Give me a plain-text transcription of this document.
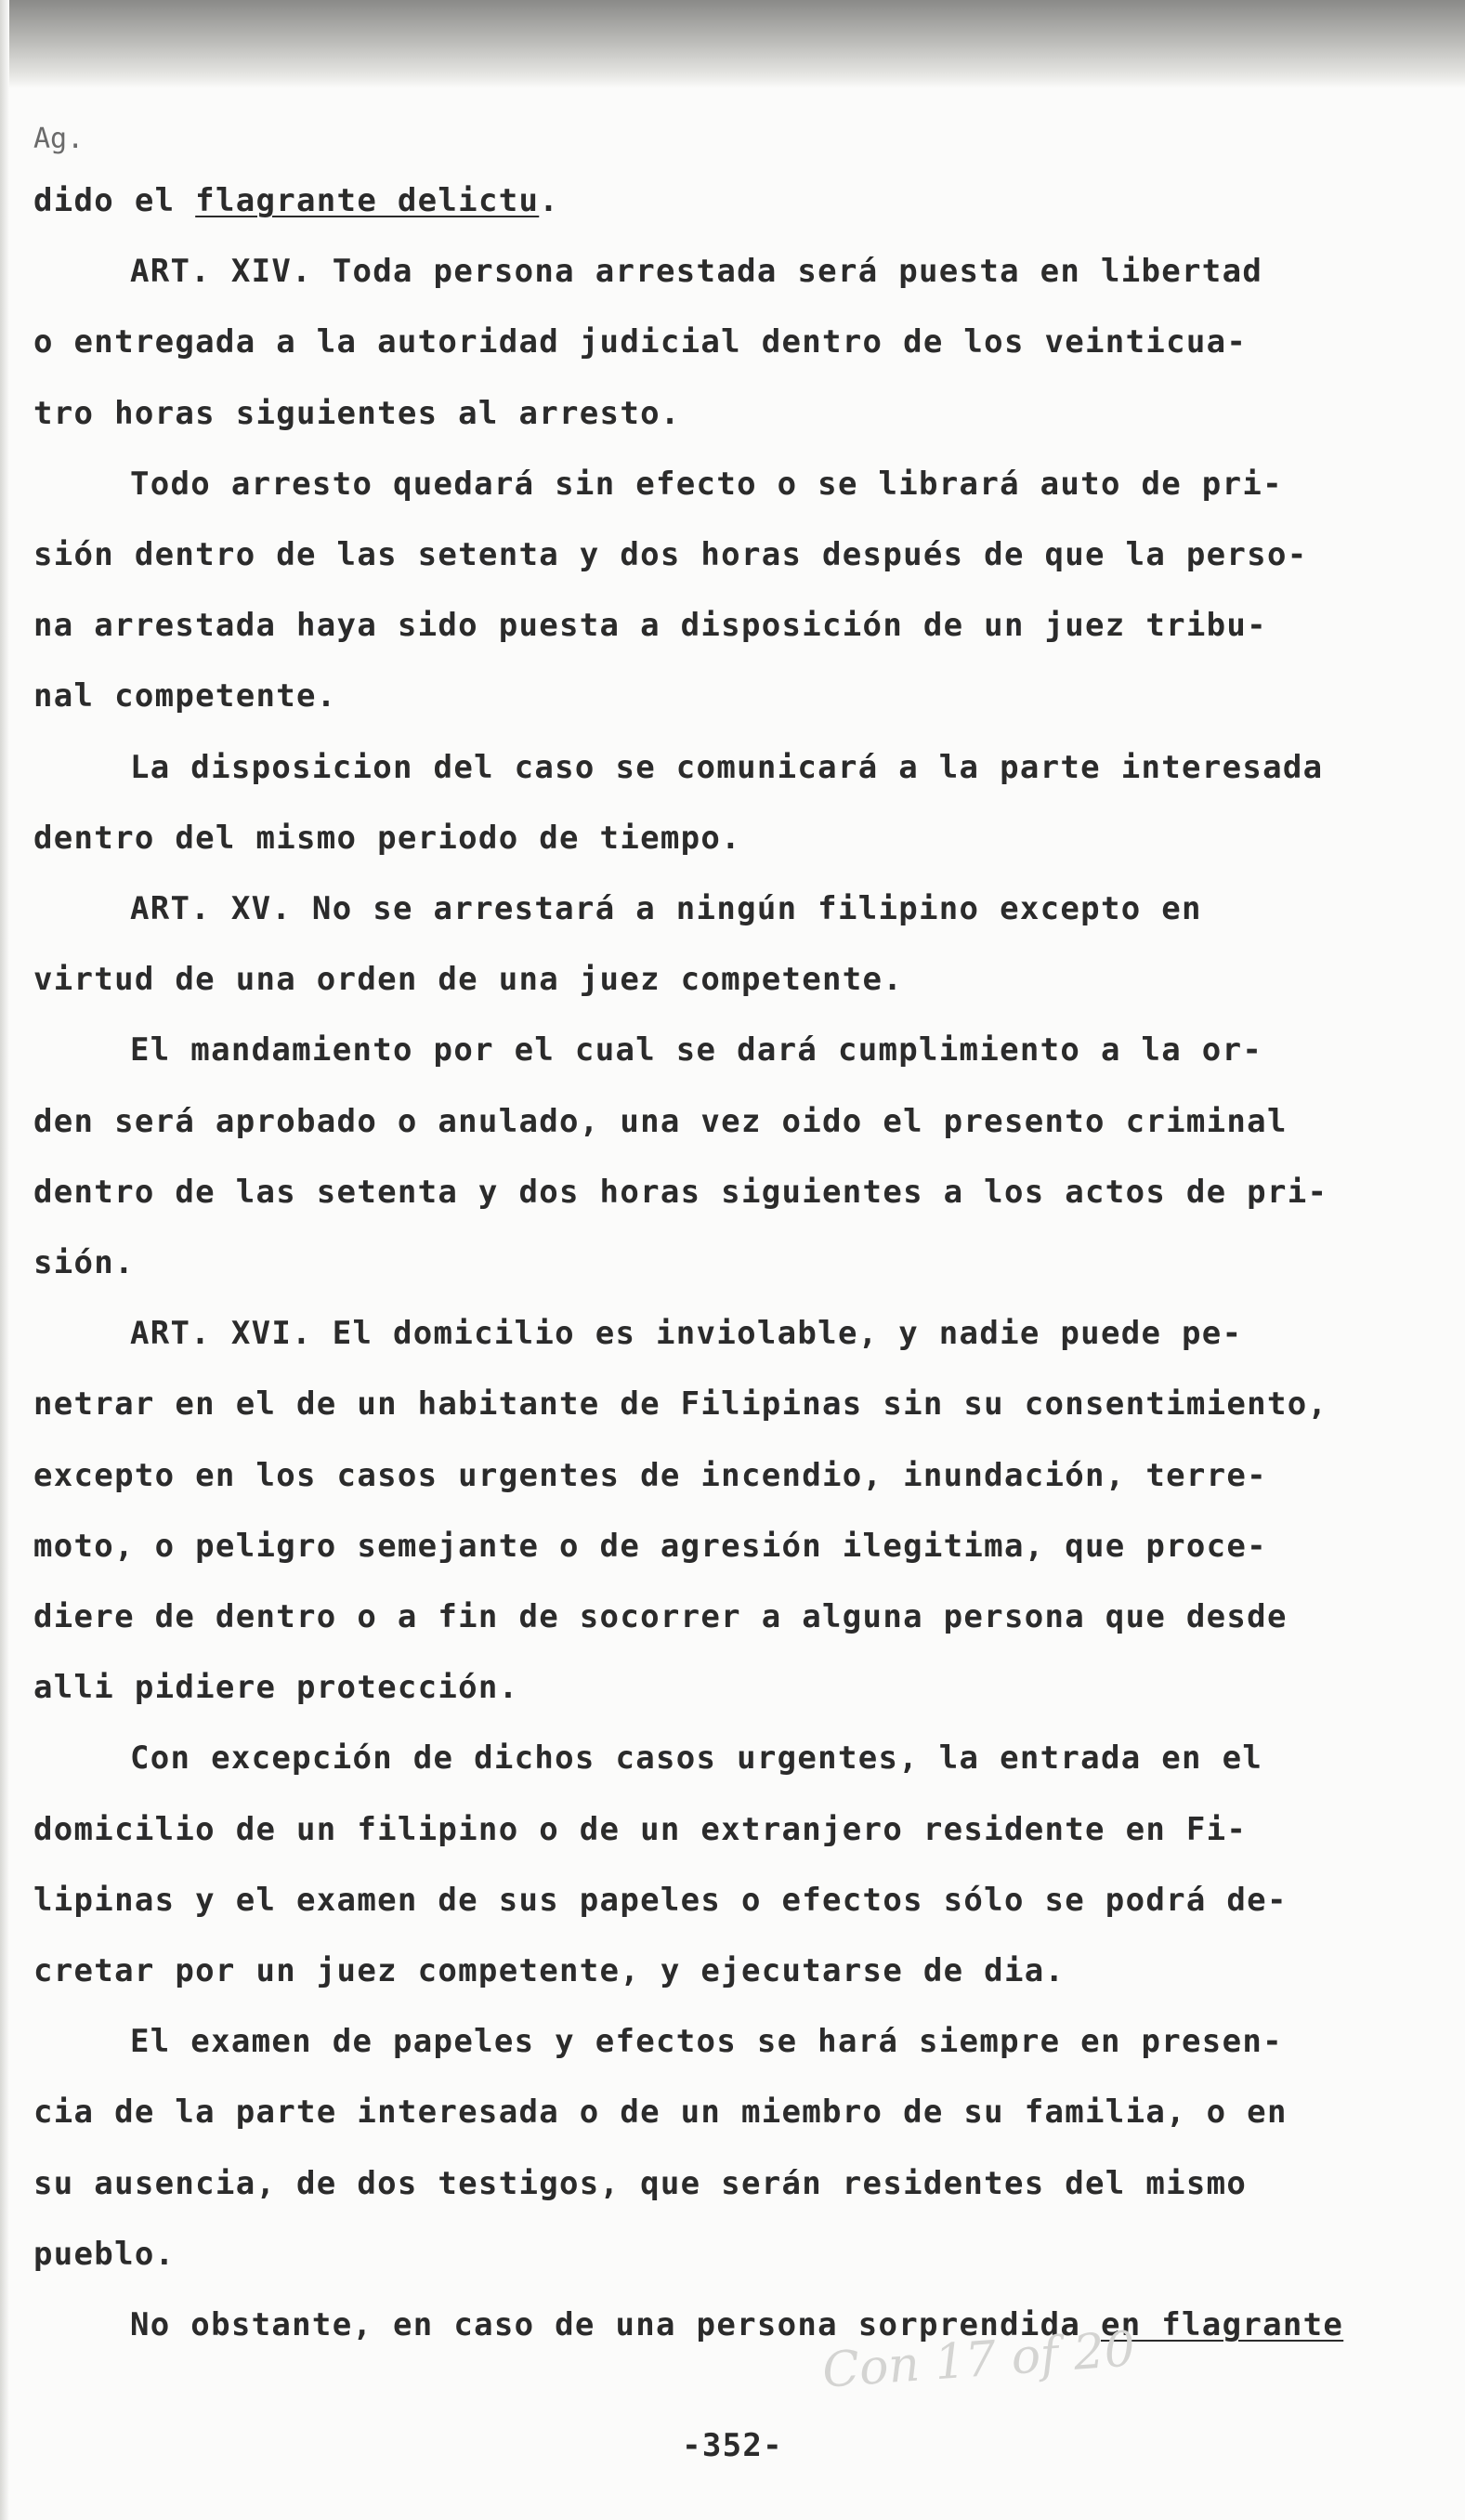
Ag.
dido el flagrante delictu.
ART. XIV. Toda persona arrestada será puesta en libertad
o entregada a la autoridad judicial dentro de los veinticua-
tro horas siguientes al arresto.
Todo arresto quedará sin efecto o se librará auto de pri-
sión dentro de las setenta y dos horas después de que la perso-
na arrestada haya sido puesta a disposición de un juez tribu-
nal competente.
La disposicion del caso se comunicará a la parte interesada
dentro del mismo periodo de tiempo.
ART. XV. No se arrestará a ningún filipino excepto en
virtud de una orden de una juez competente.
El mandamiento por el cual se dará cumplimiento a la or-
den será aprobado o anulado, una vez oido el presento criminal
dentro de las setenta y dos horas siguientes a los actos de pri-
sión.
ART. XVI. El domicilio es inviolable, y nadie puede pe-
netrar en el de un habitante de Filipinas sin su consentimiento,
excepto en los casos urgentes de incendio, inundación, terre-
moto, o peligro semejante o de agresión ilegitima, que proce-
diere de dentro o a fin de socorrer a alguna persona que desde
alli pidiere protección.
Con excepción de dichos casos urgentes, la entrada en el
domicilio de un filipino o de un extranjero residente en Fi-
lipinas y el examen de sus papeles o efectos sólo se podrá de-
cretar por un juez competente, y ejecutarse de dia.
El examen de papeles y efectos se hará siempre en presen-
cia de la parte interesada o de un miembro de su familia, o en
su ausencia, de dos testigos, que serán residentes del mismo
pueblo.
No obstante, en caso de una persona sorprendida en flagrante
Con 17 of 20
-352-
